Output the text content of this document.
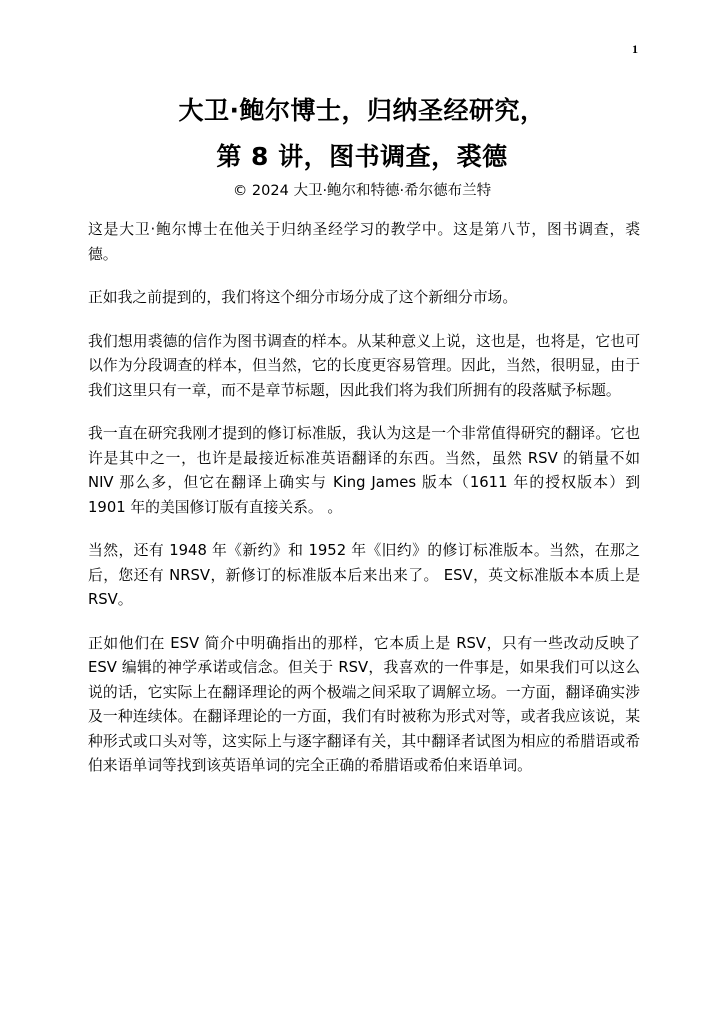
1
大卫·鲍尔博士，归纳圣经研究，
第 8 讲，图书调查，裘德
© 2024 大卫·鲍尔和特德·希尔德布兰特

这是大卫·鲍尔博士在他关于归纳圣经学习的教学中。这是第八节，图书调查，裘德。

正如我之前提到的，我们将这个细分市场分成了这个新细分市场。

我们想用裘德的信作为图书调查的样本。从某种意义上说，这也是，也将是，它也可以作为分段调查的样本，但当然，它的长度更容易管理。因此，当然，很明显，由于我们这里只有一章，而不是章节标题，因此我们将为我们所拥有的段落赋予标题。

我一直在研究我刚才提到的修订标准版，我认为这是一个非常值得研究的翻译。它也许是其中之一，也许是最接近标准英语翻译的东西。当然，虽然 RSV 的销量不如 NIV 那么多，但它在翻译上确实与 King James 版本（1611 年的授权版本）到 1901 年的美国修订版有直接关系。 。

当然，还有 1948 年《新约》和 1952 年《旧约》的修订标准版本。当然，在那之后，您还有 NRSV，新修订的标准版本后来出来了。 ESV，英文标准版本本质上是RSV。

正如他们在 ESV 简介中明确指出的那样，它本质上是 RSV，只有一些改动反映了 ESV 编辑的神学承诺或信念。但关于 RSV，我喜欢的一件事是，如果我们可以这么说的话，它实际上在翻译理论的两个极端之间采取了调解立场。一方面，翻译确实涉及一种连续体。在翻译理论的一方面，我们有时被称为形式对等，或者我应该说，某种形式或口头对等，这实际上与逐字翻译有关，其中翻译者试图为相应的希腊语或希伯来语单词等找到该英语单词的完全正确的希腊语或希伯来语单词。
